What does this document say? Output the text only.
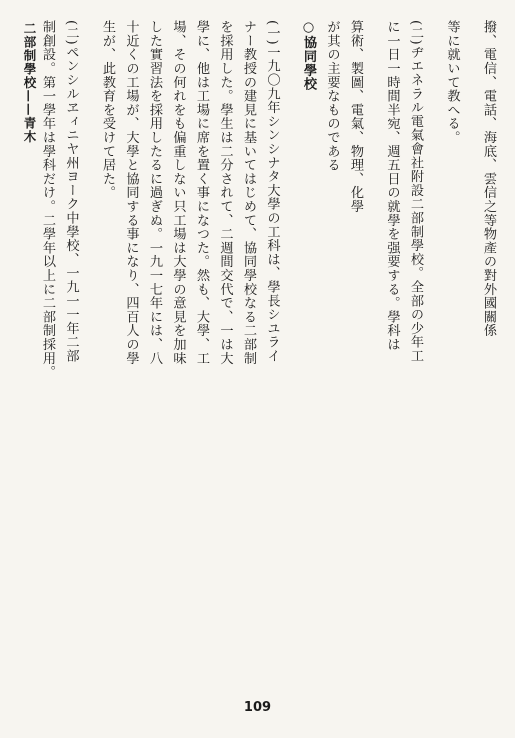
二部制學校——青木	撥、電信、電話、海底、雲信之等物產の對外國關係
等に就いて教へる。
(二)ヂエネラル電氣會社附設二部制學校。全部の少年工
に一日一時間半宛、週五日の就學を强要する。學科は
算術、製圖、電氣、物理、化學
が其の主要なものである
○協同學校
(一)一九〇九年シンシナタ大學の工科は、學長シユライ
ナー教授の建見に基いてはじめて、協同學校なる二部制
を採用した。學生は二分されて、二週間交代で、一は大
學に、他は工場に席を置く事になつた。然も、大學、工
場、その何れをも偏重しない只工場は大學の意見を加味
した實習法を採用したるに過ぎぬ。一九一七年には、八
十近くの工場が、大學と協同する事になり、四百人の學
生が、此教育を受けて居た。
(二)ペンシルヱィニヤ州ヨーク中學校、一九一一年二部
制創設。第一學年は學科だけ。二學年以上に二部制採用。
109
